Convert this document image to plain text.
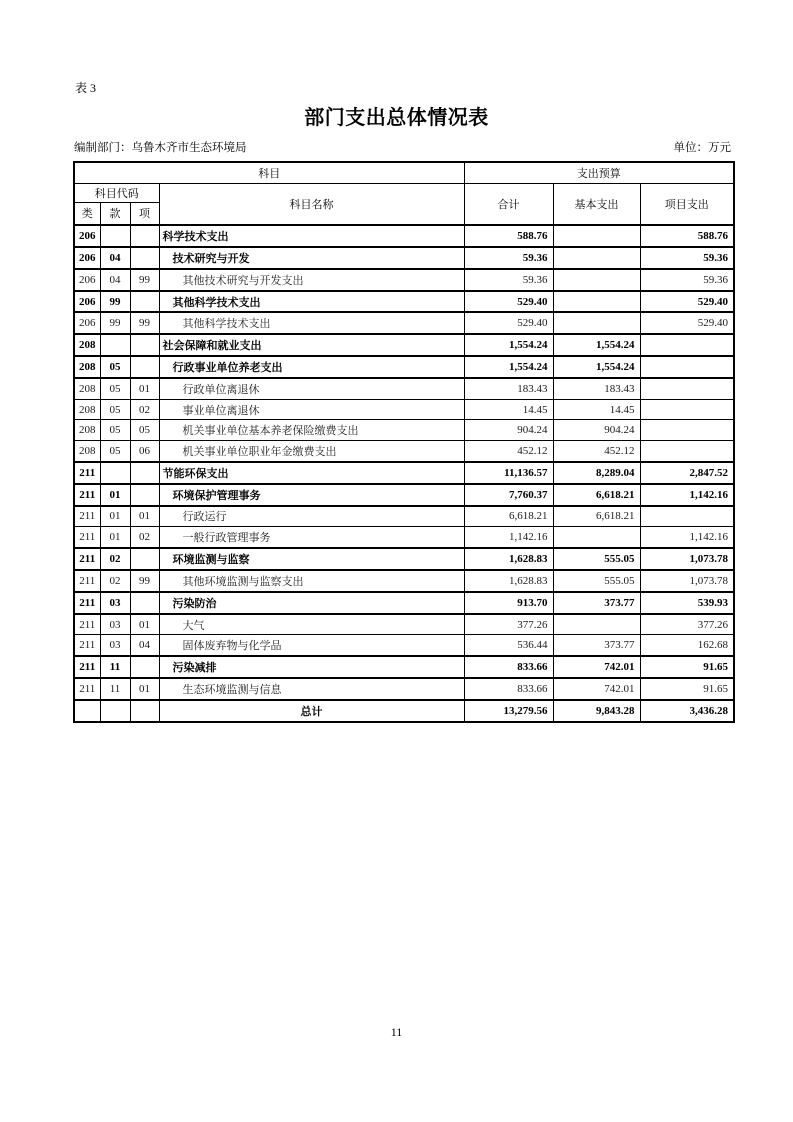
表 3
部门支出总体情况表
编制部门：乌鲁木齐市生态环境局	单位：万元
科目				支出预算		
科目代码			科目名称	合计	基本支出	项目支出
类	款	项				
206			科学技术支出	588.76		588.76
206	04		技术研究与开发	59.36		59.36
206	04	99	其他技术研究与开发支出	59.36		59.36
206	99		其他科学技术支出	529.40		529.40
206	99	99	其他科学技术支出	529.40		529.40
208			社会保障和就业支出	1,554.24	1,554.24	
208	05		行政事业单位养老支出	1,554.24	1,554.24	
208	05	01	行政单位离退休	183.43	183.43	
208	05	02	事业单位离退休	14.45	14.45	
208	05	05	机关事业单位基本养老保险缴费支出	904.24	904.24	
208	05	06	机关事业单位职业年金缴费支出	452.12	452.12	
211			节能环保支出	11,136.57	8,289.04	2,847.52
211	01		环境保护管理事务	7,760.37	6,618.21	1,142.16
211	01	01	行政运行	6,618.21	6,618.21	
211	01	02	一般行政管理事务	1,142.16		1,142.16
211	02		环境监测与监察	1,628.83	555.05	1,073.78
211	02	99	其他环境监测与监察支出	1,628.83	555.05	1,073.78
211	03		污染防治	913.70	373.77	539.93
211	03	01	大气	377.26		377.26
211	03	04	固体废弃物与化学品	536.44	373.77	162.68
211	11		污染减排	833.66	742.01	91.65
211	11	01	生态环境监测与信息	833.66	742.01	91.65
			总计	13,279.56	9,843.28	3,436.28
11
